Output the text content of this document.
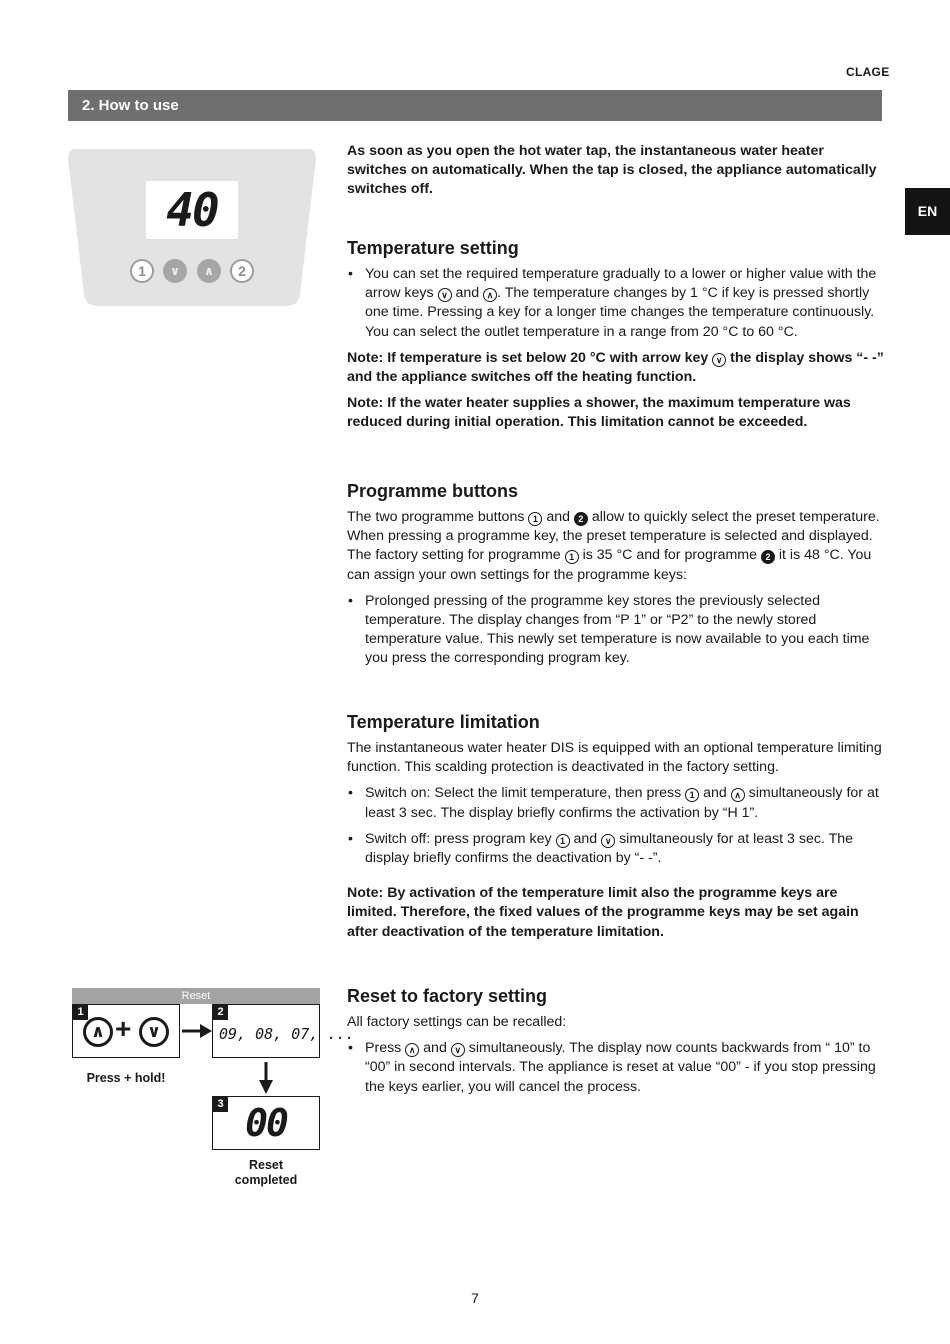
CLAGE
2. How to use
EN
40
1	∨	∧	2
As soon as you open the hot water tap, the instantaneous water heater switches on automatically. When the tap is closed, the appliance automatically switches off.
Temperature setting
• You can set the required temperature gradually to a lower or higher value with the arrow keys ∨ and ∧ . The temperature changes by 1 °C if key is pressed shortly one time. Pressing a key for a longer time changes the temperature continuously. You can select the outlet temperature in a range from 20 °C to 60 °C.

Note: If temperature is set below 20 °C with arrow key ∨ the display shows “- -” and the appliance switches off the heating function.

Note: If the water heater supplies a shower, the maximum temperature was reduced during initial operation. This limitation cannot be exceeded.

Programme buttons

The two programme buttons 1 and 2 allow to quickly select the preset temperature. When pressing a programme key, the preset temperature is selected and displayed. The factory setting for programme 1 is 35 °C and for programme 2 it is 48 °C. You can assign your own settings for the programme keys:

• Prolonged pressing of the programme key stores the previously selected temperature. The display changes from “P 1” or “P2” to the newly stored temperature value. This newly set temperature is now available to you each time you press the corresponding program key.
Temperature limitation

The instantaneous water heater DIS is equipped with an optional temperature limiting function. This scalding protection is deactivated in the factory setting.

• Switch on: Select the limit temperature, then press 1 and ∧ simultaneously for at least 3 sec. The display briefly confirms the activation by “H 1”.
• Switch off: press program key 1 and ∨ simultaneously for at least 3 sec. The display briefly confirms the deactivation by “- -”.

Note: By activation of the temperature limit also the programme keys are limited. Therefore, the fixed values of the programme keys may be set again after deactivation of the temperature limitation.

Reset
1
∧ + ∨
2
09, 08, 07, ...
3 00
Press + hold!
Reset
completed
Reset to factory setting

All factory settings can be recalled:

• Press ∧ and ∨ simultaneously. The display now counts backwards from “ 10” to “00” in second intervals. The appliance is reset at value “00” - if you stop pressing the keys earlier, you will cancel the process.
7
